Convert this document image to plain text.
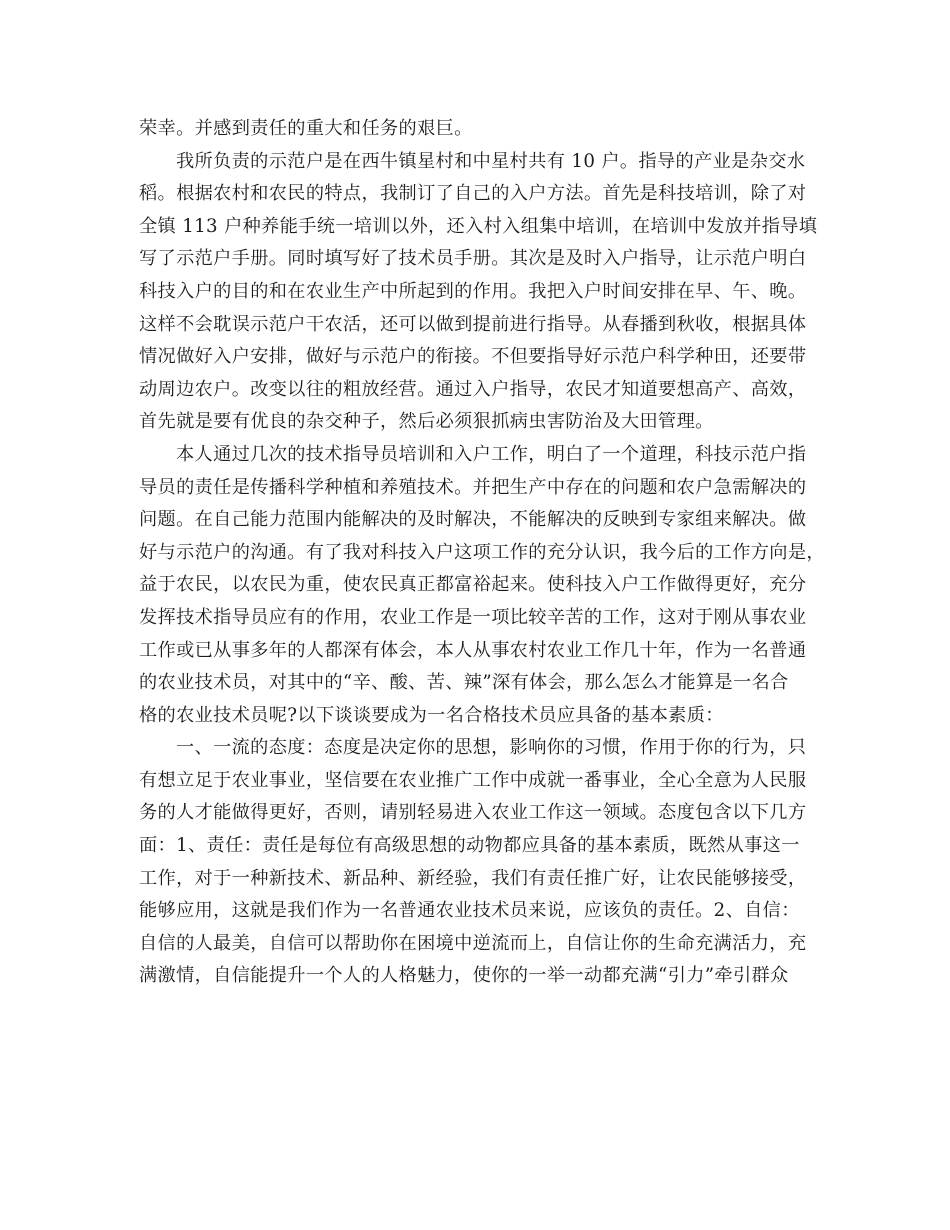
荣幸。并感到责任的重大和任务的艰巨。
我所负责的示范户是在西牛镇星村和中星村共有 10 户。指导的产业是杂交水
稻。根据农村和农民的特点，我制订了自己的入户方法。首先是科技培训，除了对
全镇 113 户种养能手统一培训以外，还入村入组集中培训，在培训中发放并指导填
写了示范户手册。同时填写好了技术员手册。其次是及时入户指导，让示范户明白
科技入户的目的和在农业生产中所起到的作用。我把入户时间安排在早、午、晚。
这样不会耽误示范户干农活，还可以做到提前进行指导。从春播到秋收，根据具体
情况做好入户安排，做好与示范户的衔接。不但要指导好示范户科学种田，还要带
动周边农户。改变以往的粗放经营。通过入户指导，农民才知道要想高产、高效，
首先就是要有优良的杂交种子，然后必须狠抓病虫害防治及大田管理。
本人通过几次的技术指导员培训和入户工作，明白了一个道理，科技示范户指
导员的责任是传播科学种植和养殖技术。并把生产中存在的问题和农户急需解决的
问题。在自己能力范围内能解决的及时解决，不能解决的反映到专家组来解决。做
好与示范户的沟通。有了我对科技入户这项工作的充分认识，我今后的工作方向是，
益于农民，以农民为重，使农民真正都富裕起来。使科技入户工作做得更好，充分
发挥技术指导员应有的作用，农业工作是一项比较辛苦的工作，这对于刚从事农业
工作或已从事多年的人都深有体会，本人从事农村农业工作几十年，作为一名普通
的农业技术员，对其中的“辛、酸、苦、辣”深有体会，那么怎么才能算是一名合
格的农业技术员呢?以下谈谈要成为一名合格技术员应具备的基本素质：
一、一流的态度：态度是决定你的思想，影响你的习惯，作用于你的行为，只
有想立足于农业事业，坚信要在农业推广工作中成就一番事业，全心全意为人民服
务的人才能做得更好，否则，请别轻易进入农业工作这一领域。态度包含以下几方
面：1、责任：责任是每位有高级思想的动物都应具备的基本素质，既然从事这一
工作，对于一种新技术、新品种、新经验，我们有责任推广好，让农民能够接受，
能够应用，这就是我们作为一名普通农业技术员来说，应该负的责任。2、自信：
自信的人最美，自信可以帮助你在困境中逆流而上，自信让你的生命充满活力，充
满激情，自信能提升一个人的人格魅力，使你的一举一动都充满“引力”牵引群众
